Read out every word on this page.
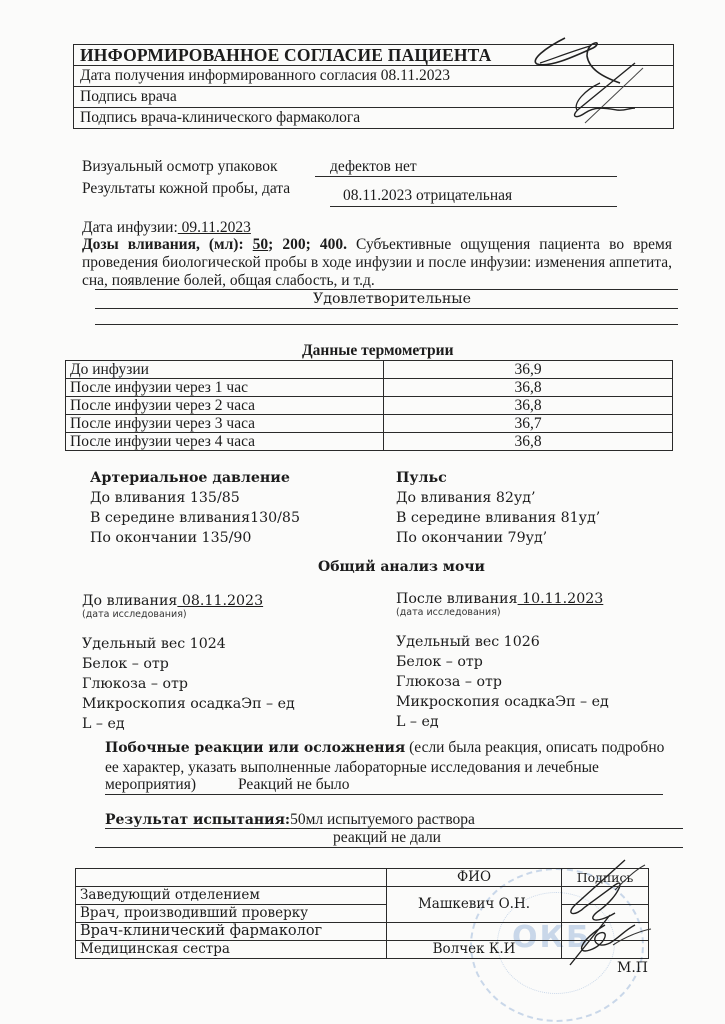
ИНФОРМИРОВАННОЕ СОГЛАСИЕ ПАЦИЕНТА
Дата получения информированного согласия 08.11.2023
Подпись врача
Подпись врача-клинического фармаколога
Визуальный осмотр упаковок	дефектов нет
Результаты кожной пробы, дата	08.11.2023 отрицательная
Дата инфузии: 09.11.2023
Дозы вливания, (мл): 50; 200; 400. Субъективные ощущения пациента во время проведения биологической пробы в ходе инфузии и после инфузии: изменения аппетита, сна, появление болей, общая слабость, и т.д.
Удовлетворительные
Данные термометрии
До инфузии	36,9
После инфузии через 1 час	36,8
После инфузии через 2 часа	36,8
После инфузии через 3 часа	36,7
После инфузии через 4 часа	36,8
Артериальное давление
До вливания 135/85
В середине вливания130/85
По окончании 135/90
Пульс
До вливания 82уд’
В середине вливания 81уд’
По окончании 79уд’
Общий анализ мочи
До вливания 08.11.2023
(дата исследования)
Удельный вес 1024
Белок – отр
Глюкоза – отр
Микроскопия осадкаЭп – ед
L – ед
После вливания 10.11.2023
(дата исследования)
Удельный вес 1026
Белок – отр
Глюкоза – отр
Микроскопия осадкаЭп – ед
L – ед
Побочные реакции или осложнения (если была реакция, описать подробно
ее характер, указать выполненные лабораторные исследования и лечебные
мероприятия)	Реакций не было
Результат испытания:50мл испытуемого раствора
реакций не дали
ОКБ
	ФИО	Подпись
Заведующий отделением	Машкевич О.Н.	
Врач, производивший проверку		
Врач-клинический фармаколог		
Медицинская сестра	Волчек К.И	
М.П
